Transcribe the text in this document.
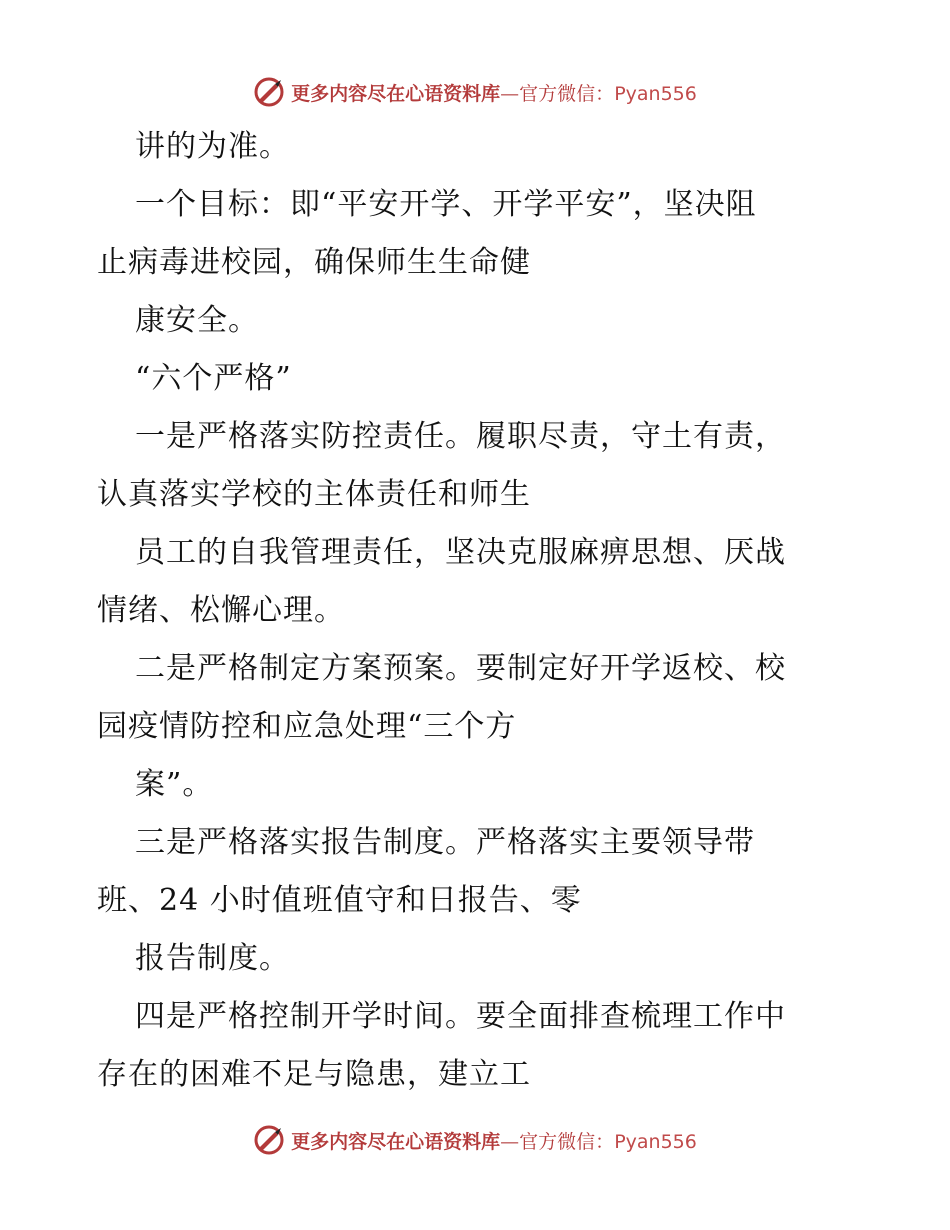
更多内容尽在心语资料库—官方微信：Pyan556
讲的为准。
一个目标：即“平安开学、开学平安”，坚决阻
止病毒进校园，确保师生生命健
康安全。
“六个严格”
一是严格落实防控责任。履职尽责，守土有责，
认真落实学校的主体责任和师生
员工的自我管理责任，坚决克服麻痹思想、厌战
情绪、松懈心理。
二是严格制定方案预案。要制定好开学返校、校
园疫情防控和应急处理“三个方
案”。
三是严格落实报告制度。严格落实主要领导带
班、24 小时值班值守和日报告、零
报告制度。
四是严格控制开学时间。要全面排查梳理工作中
存在的困难不足与隐患，建立工
更多内容尽在心语资料库—官方微信：Pyan556
